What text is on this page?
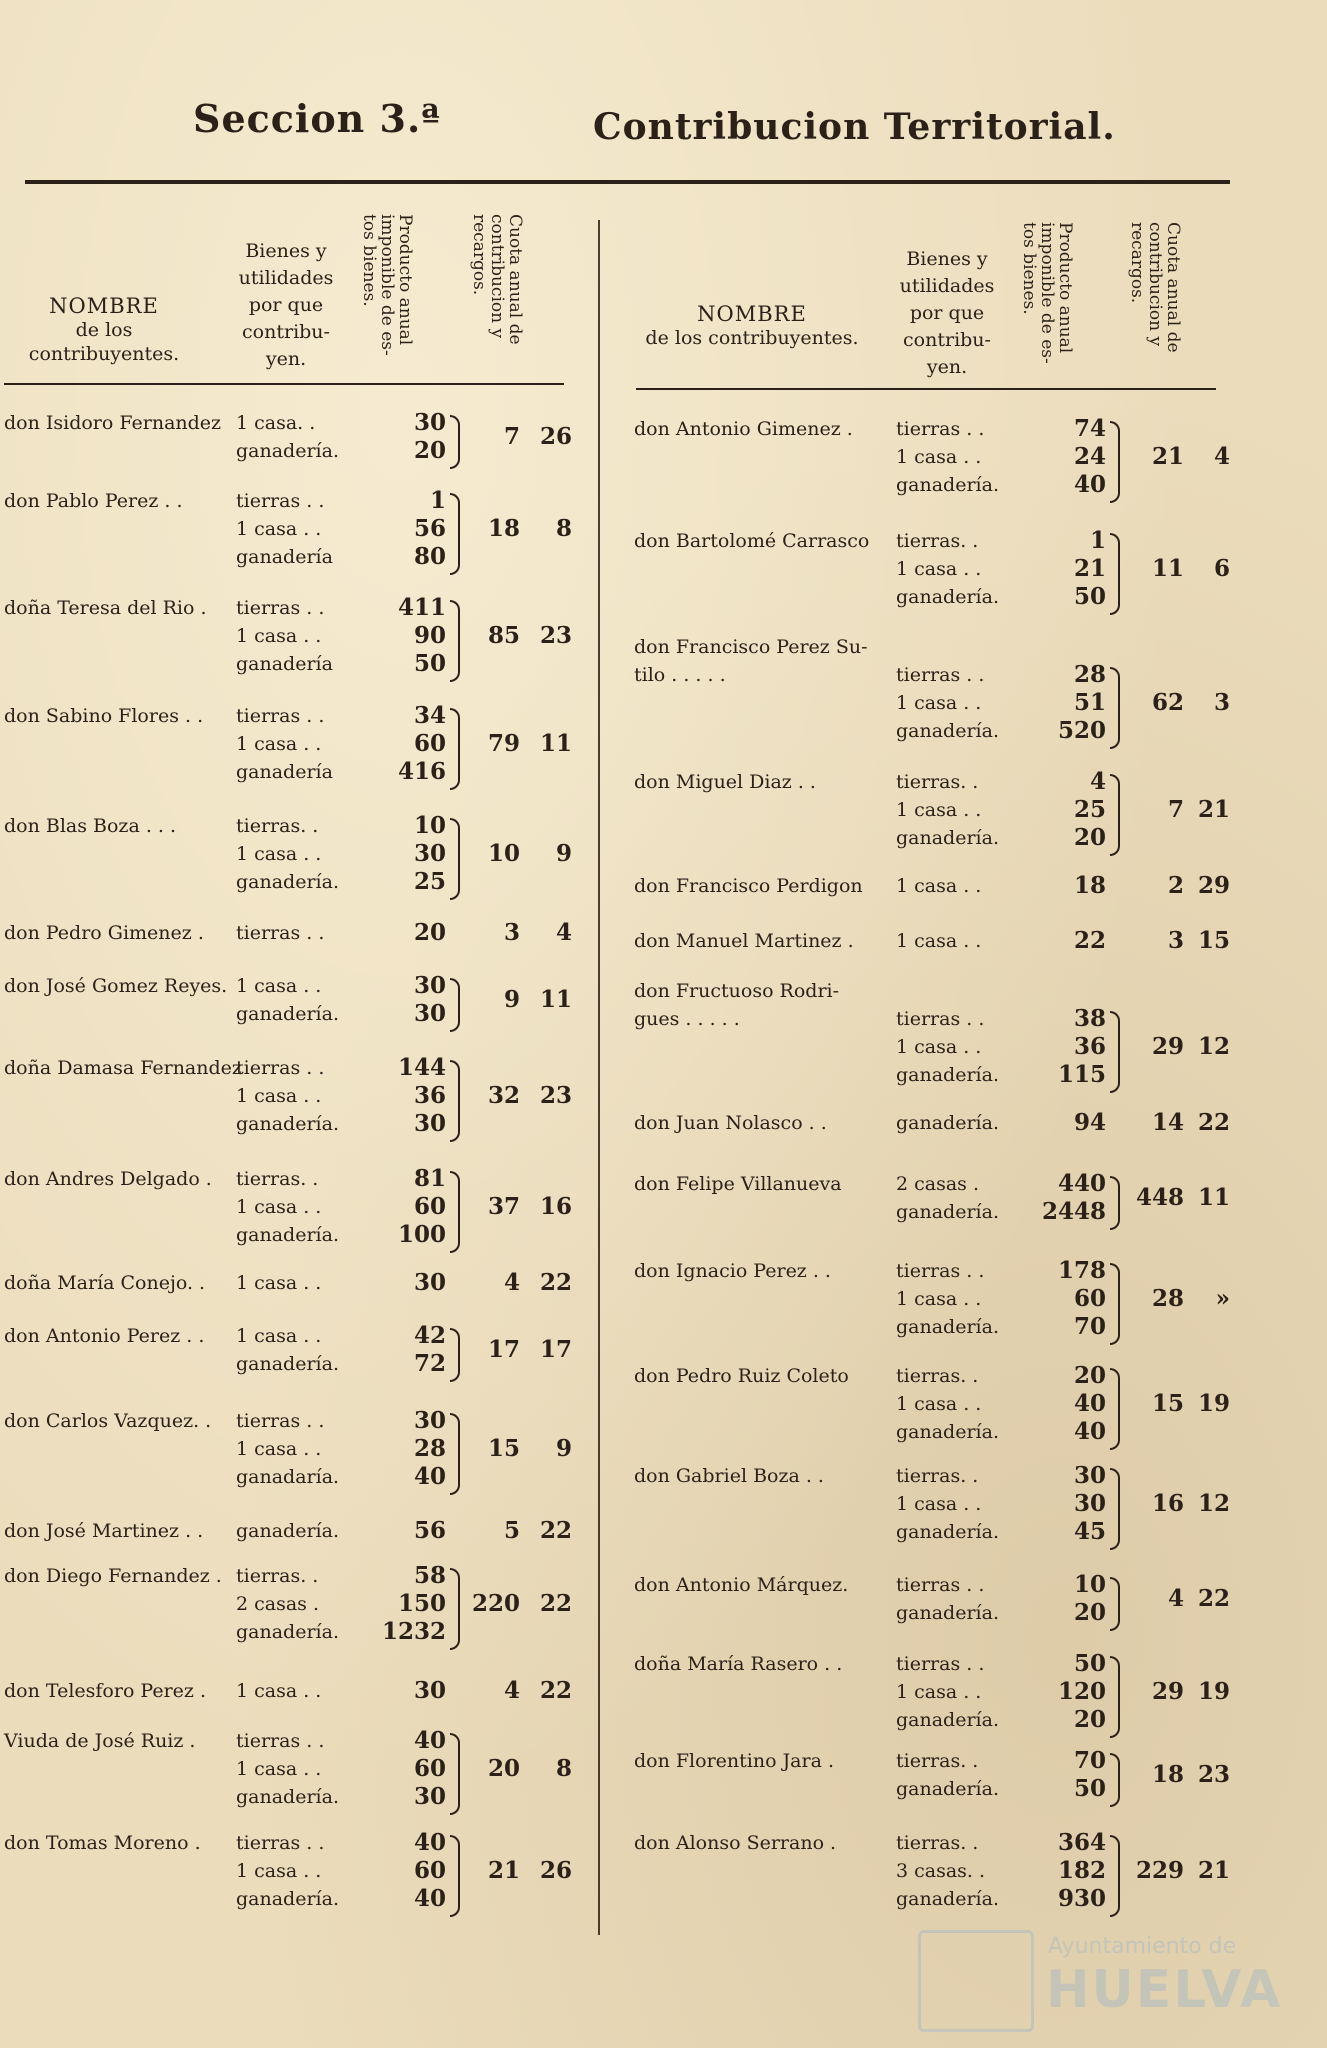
Seccion 3.ª	Contribucion Territorial.
NOMBRE
de los contribuyentes.
Bienes y utilidades por que contribu- yen.
Producto anual imponible de es- tos bienes.	Cuota anual de contribucion y recargos.
NOMBRE
de los contribuyentes.
Bienes y utilidades por que contribu- yen.
Producto anual imponible de es- tos bienes.	Cuota anual de contribucion y recargos.
don Isidoro Fernandez 1 casa. .	30
ganadería.	20
7 26
don Pablo Perez . .	tierras . .	1
1 casa . .	56
ganadería	80
18	8
doña Teresa del Rio . tierras . .	411
1 casa . .	90
ganadería	50
85 23
don Sabino Flores . . tierras . .	34
1 casa . .	60
ganadería	416
79 11
don Blas Boza . . .	tierras. .	10
1 casa . .	30
ganadería.	25
10	9
don Pedro Gimenez . tierras . .	20	3	4
don José Gomez Reyes. 1 casa . .	30
ganadería.	30
9 11
doña Damasa Fernandez
tierras . .	144
1 casa . .	36
ganadería.	30
32 23
don Andres Delgado . tierras. .	81
1 casa . .	60
ganadería.	100
37 16
doña María Conejo. . 1 casa . .	30	4 22
don Antonio Perez . . 1 casa . .	42
ganadería.	72
17 17
don Carlos Vazquez. . tierras . .	30
1 casa . .	28
ganadaría.	40
15	9
don José Martinez . . ganadería.	56	5 22
don Diego Fernandez . tierras. .	58
2 casas .	150
ganadería.	1232
220 22
don Telesforo Perez . 1 casa . .	30	4 22
Viuda de José Ruiz . tierras . .	40
1 casa . .	60
ganadería.	30
20	8
don Tomas Moreno . tierras . .	40
1 casa . .	60
ganadería.	40
21 26
don Antonio Gimenez . tierras . .	74
1 casa . .	24
ganadería.	40
21	4
don Bartolomé Carrasco tierras. .	1
1 casa . .	21
ganadería.	50
11	6
don Francisco Perez Su-
tilo . . . . .	tierras . .	28
1 casa . .	51
ganadería.	520
62	3
don Miguel Diaz . .	tierras. .	4
1 casa . .	25
ganadería.	20
7 21
don Francisco Perdigon 1 casa . .	18	2 29
don Manuel Martinez . 1 casa . .	22	3 15
don Fructuoso Rodri-
gues . . . . .	tierras . .	38
1 casa . .	36
ganadería.	115
29 12
don Juan Nolasco . .	ganadería.	94	14 22
don Felipe Villanueva	2 casas .	440
ganadería.	2448
448 11
don Ignacio Perez . .	tierras . .	178
1 casa . .	60
ganadería.	70
28	»
don Pedro Ruiz Coleto tierras. .	20
1 casa . .	40
ganadería.	40
15 19
don Gabriel Boza . .	tierras. .	30
1 casa . .	30
ganadería.	45
16 12
don Antonio Márquez.	tierras . .	10
ganadería.	20
4 22
doña María Rasero . .	tierras . .	50
1 casa . .	120
ganadería.	20
29 19
don Florentino Jara .	tierras. .	70
ganadería.	50
18 23
don Alonso Serrano .	tierras. .	364
3 casas. .	182
ganadería.	930
229 21
Ayuntamiento de
HUELVA
